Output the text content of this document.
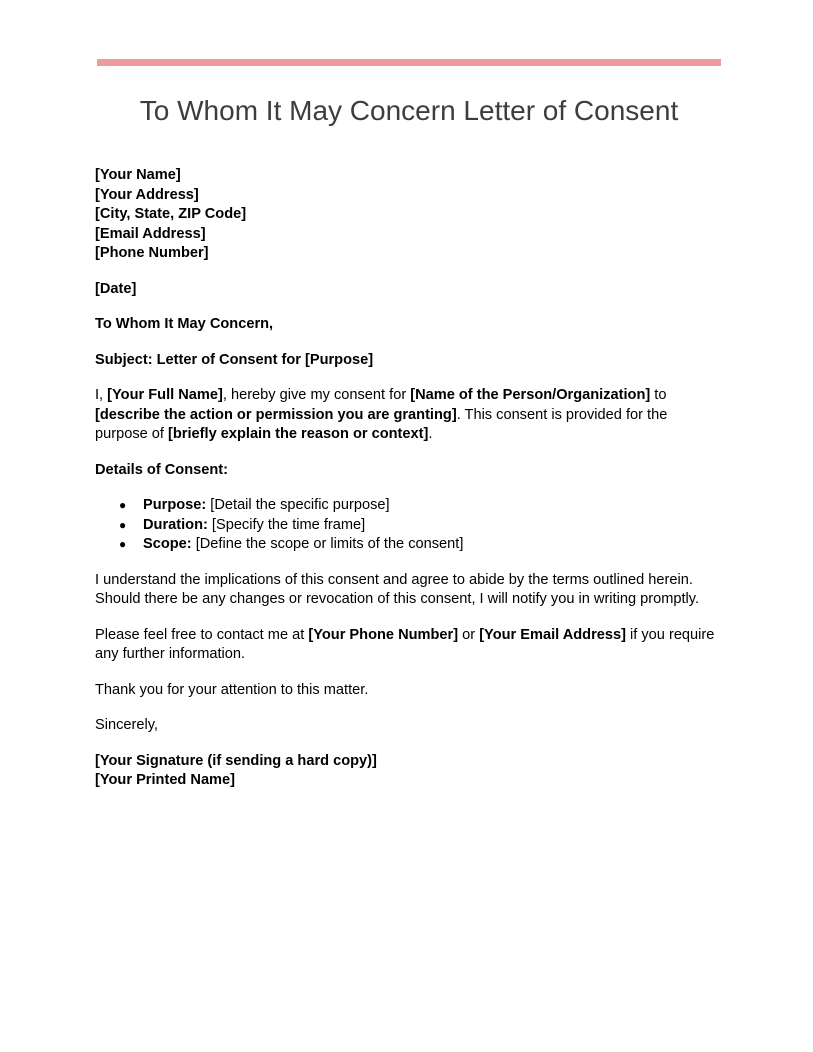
To Whom It May Concern Letter of Consent
[Your Name]
[Your Address]
[City, State, ZIP Code]
[Email Address]
[Phone Number]

[Date]

To Whom It May Concern,

Subject: Letter of Consent for [Purpose]

I, [Your Full Name], hereby give my consent for [Name of the Person/Organization] to
[describe the action or permission you are granting]. This consent is provided for the
purpose of [briefly explain the reason or context].

Details of Consent:

● Purpose: [Detail the specific purpose]
● Duration: [Specify the time frame]
● Scope: [Define the scope or limits of the consent]
I understand the implications of this consent and agree to abide by the terms outlined herein.
Should there be any changes or revocation of this consent, I will notify you in writing promptly.
Please feel free to contact me at [Your Phone Number] or [Your Email Address] if you require
any further information.

Thank you for your attention to this matter.

Sincerely,

[Your Signature (if sending a hard copy)]
[Your Printed Name]
